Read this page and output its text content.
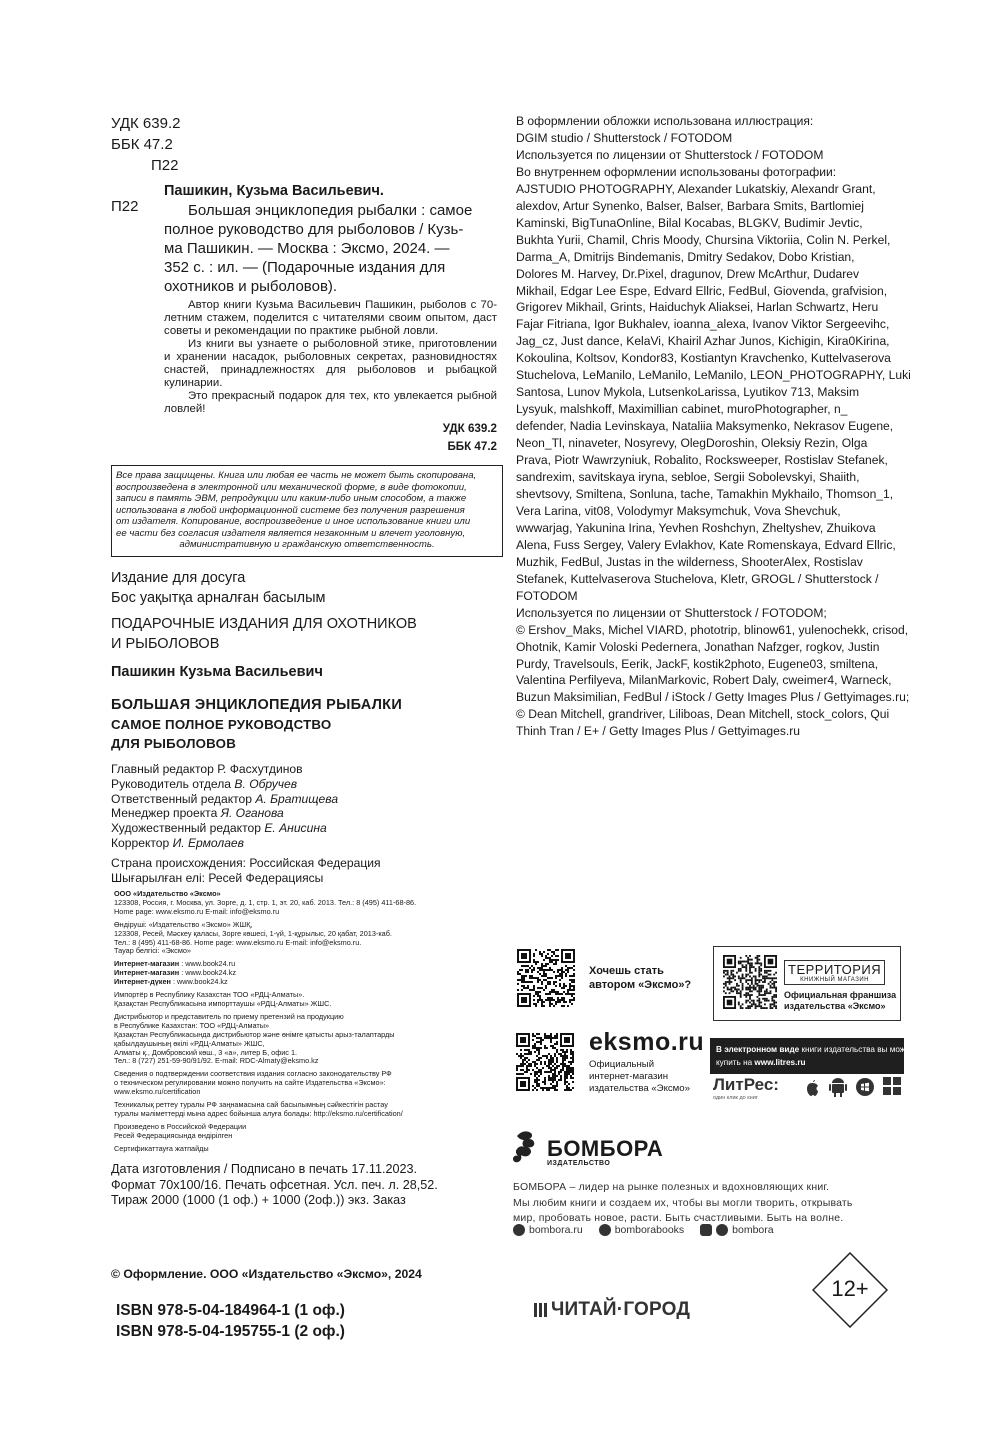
УДК 639.2
ББК 47.2
П22
П22
Пашикин, Кузьма Васильевич.
Большая энциклопедия рыбалки : самое
полное руководство для рыболовов / Кузь-
ма Пашикин. — Москва : Эксмо, 2024. —
352 с. : ил. — (Подарочные издания для
охотников и рыболовов).

Автор книги Кузьма Васильевич Пашикин, рыболов с 70-летним стажем, поделится с читателями своим опытом, даст советы и рекомендации по практике рыбной ловли.

Из книги вы узнаете о рыболовной этике, приготовлении и хранении насадок, рыболовных секретах, разновидностях снастей, принадлежностях для рыболовов и рыбацкой кулинарии.

Это прекрасный подарок для тех, кто увлекается рыбной ловлей!

УДК 639.2
ББК 47.2
Все права защищены. Книга или любая ее часть не может быть скопирована,
воспроизведена в электронной или механической форме, в виде фотокопии,
записи в память ЭВМ, репродукции или каким-либо иным способом, а также
использована в любой информационной системе без получения разрешения
от издателя. Копирование, воспроизведение и иное использование книги или
ее части без согласия издателя является незаконным и влечет уголовную,
административную и гражданскую ответственность.
Издание для досуга
Бос уақытқа арналған басылым
ПОДАРОЧНЫЕ ИЗДАНИЯ ДЛЯ ОХОТНИКОВ
И РЫБОЛОВОВ
Пашикин Кузьма Васильевич
БОЛЬШАЯ ЭНЦИКЛОПЕДИЯ РЫБАЛКИ
САМОЕ ПОЛНОЕ РУКОВОДСТВО
ДЛЯ РЫБОЛОВОВ
Главный редактор Р. Фасхутдинов
Руководитель отдела В. Обручев
Ответственный редактор А. Братищева
Менеджер проекта Я. Оганова
Художественный редактор Е. Анисина
Корректор И. Ермолаев
Страна происхождения: Российская Федерация
Шығарылған елі: Ресей Федерациясы
ООО «Издательство «Эксмо»
123308, Россия, г. Москва, ул. Зорге, д. 1, стр. 1, эт. 20, каб. 2013. Тел.: 8 (495) 411-68-86.
Home page: www.eksmo.ru E-mail: info@eksmo.ru
Өндіруші: «Издательство «Эксмо» ЖШҚ,
123308, Ресей, Мәскеу қаласы, Зорге көшесі, 1-үй, 1-құрылыс, 20 қабат, 2013-каб.
Тел.: 8 (495) 411-68-86. Home page: www.eksmo.ru E-mail: info@eksmo.ru.
Тауар белгісі: «Эксмо»
Интернет-магазин : www.book24.ru
Интернет-магазин : www.book24.kz
Интернет-дүкен : www.book24.kz
Импортёр в Республику Казахстан ТОО «РДЦ-Алматы».
Қазақстан Республикасына импорттаушы «РДЦ-Алматы» ЖШС.
Дистрибьютор и представитель по приему претензий на продукцию
в Республике Казахстан: ТОО «РДЦ-Алматы»
Қазақстан Республикасында дистрибьютор және өнімге қатысты арыз-талаптарды
қабылдаушының өкілі «РДЦ-Алматы» ЖШС,
Алматы қ., Домбровский көш., 3 «а», литер Б, офис 1.
Тел.: 8 (727) 251-59-90/91/92. E-mail: RDC-Almaty@eksmo.kz
Сведения о подтверждении соответствия издания согласно законодательству РФ
о техническом регулировании можно получить на сайте Издательства «Эксмо»:
www.eksmo.ru/certification
Техникалық реттеу туралы РФ заңнамасына сай басылымның сәйкестігін растау
туралы мәліметтерді мына адрес бойынша алуға болады: http://eksmo.ru/certification/
Произведено в Российской Федерации
Ресей Федерациясында өндірілген
Сертификаттауға жатпайды
Дата изготовления / Подписано в печать 17.11.2023.
Формат 70x100/16. Печать офсетная. Усл. печ. л. 28,52.
Тираж 2000 (1000 (1 оф.) + 1000 (2оф.)) экз. Заказ
© Оформление. ООО «Издательство «Эксмо», 2024
ISBN 978-5-04-184964-1 (1 оф.)
ISBN 978-5-04-195755-1 (2 оф.)
В оформлении обложки использована иллюстрация:
DGIM studio / Shutterstock / FOTODOM
Используется по лицензии от Shutterstock / FOTODOM
Во внутреннем оформлении использованы фотографии:
AJSTUDIO PHOTOGRAPHY, Alexander Lukatskiy, Alexandr Grant,
alexdov, Artur Synenko, Balser, Balser, Barbara Smits, Bartlomiej
Kaminski, BigTunaOnline, Bilal Kocabas, BLGKV, Budimir Jevtic,
Bukhta Yurii, Chamil, Chris Moody, Chursina Viktoriia, Colin N. Perkel,
Darma_A, Dmitrijs Bindemanis, Dmitry Sedakov, Dobo Kristian,
Dolores M. Harvey, Dr.Pixel, dragunov, Drew McArthur, Dudarev
Mikhail, Edgar Lee Espe, Edvard Ellric, FedBul, Giovenda, grafvision,
Grigorev Mikhail, Grints, Haiduchyk Aliaksei, Harlan Schwartz, Heru
Fajar Fitriana, Igor Bukhalev, ioanna_alexa, Ivanov Viktor Sergeevihc,
Jag_cz, Just dance, KelaVi, Khairil Azhar Junos, Kichigin, Kira0Kirina,
Kokoulina, Koltsov, Kondor83, Kostiantyn Kravchenko, Kuttelvaserova
Stuchelova, LeManilo, LeManilo, LeManilo, LEON_PHOTOGRAPHY, Luki
Santosa, Lunov Mykola, LutsenkoLarissa, Lyutikov 713, Maksim
Lysyuk, malshkoff, Maximillian cabinet, muroPhotographer, n_
defender, Nadia Levinskaya, Nataliia Maksymenko, Nekrasov Eugene,
Neon_Tl, ninaveter, Nosyrevy, OlegDoroshin, Oleksiy Rezin, Olga
Prava, Piotr Wawrzyniuk, Robalito, Rocksweeper, Rostislav Stefanek,
sandrexim, savitskaya iryna, sebloe, Sergii Sobolevskyi, Shaiith,
shevtsovy, Smiltena, Sonluna, tache, Tamakhin Mykhailo, Thomson_1,
Vera Larina, vit08, Volodymyr Maksymchuk, Vova Shevchuk,
wwwarjag, Yakunina Irina, Yevhen Roshchyn, Zheltyshev, Zhuikova
Alena, Fuss Sergey, Valery Evlakhov, Kate Romenskaya, Edvard Ellric,
Muzhik, FedBul, Justas in the wilderness, ShooterAlex, Rostislav
Stefanek, Kuttelvaserova Stuchelova, Kletr, GROGL / Shutterstock /
FOTODOM
Используется по лицензии от Shutterstock / FOTODOM;
© Ershov_Maks, Michel VIARD, phototrip, blinow61, yulenochekk, crisod,
Ohotnik, Kamir Voloski Pedernera, Jonathan Nafzger, rogkov, Justin
Purdy, Travelsouls, Eerik, JackF, kostik2photo, Eugene03, smiltena,
Valentina Perfilyeva, MilanMarkovic, Robert Daly, cweimer4, Warneck,
Buzun Maksimilian, FedBul / iStock / Getty Images Plus / Gettyimages.ru;
© Dean Mitchell, grandriver, Liliboas, Dean Mitchell, stock_colors, Qui
Thinh Tran / E+ / Getty Images Plus / Gettyimages.ru
Хочешь стать
автором «Эксмо»?
ТЕРРИТОРИЯ
КНИЖНЫЙ МАГАЗИН
Официальная франшиза
издательства «Эксмо»
eksmo.ru
Официальный
интернет-магазин
издательства «Эксмо»
В электронном виде книги издательства вы можете
купить на www.litres.ru
ЛитРес:
один клик до книг
БОМБОРА
ИЗДАТЕЛЬСТВО
БОМБОРА – лидер на рынке полезных и вдохновляющих книг.
Мы любим книги и создаем их, чтобы вы могли творить, открывать
мир, пробовать новое, расти. Быть счастливыми. Быть на волне.
bombora.ru	bomborabooks	bombora
12+
ЧИТАЙ·ГОРОД
